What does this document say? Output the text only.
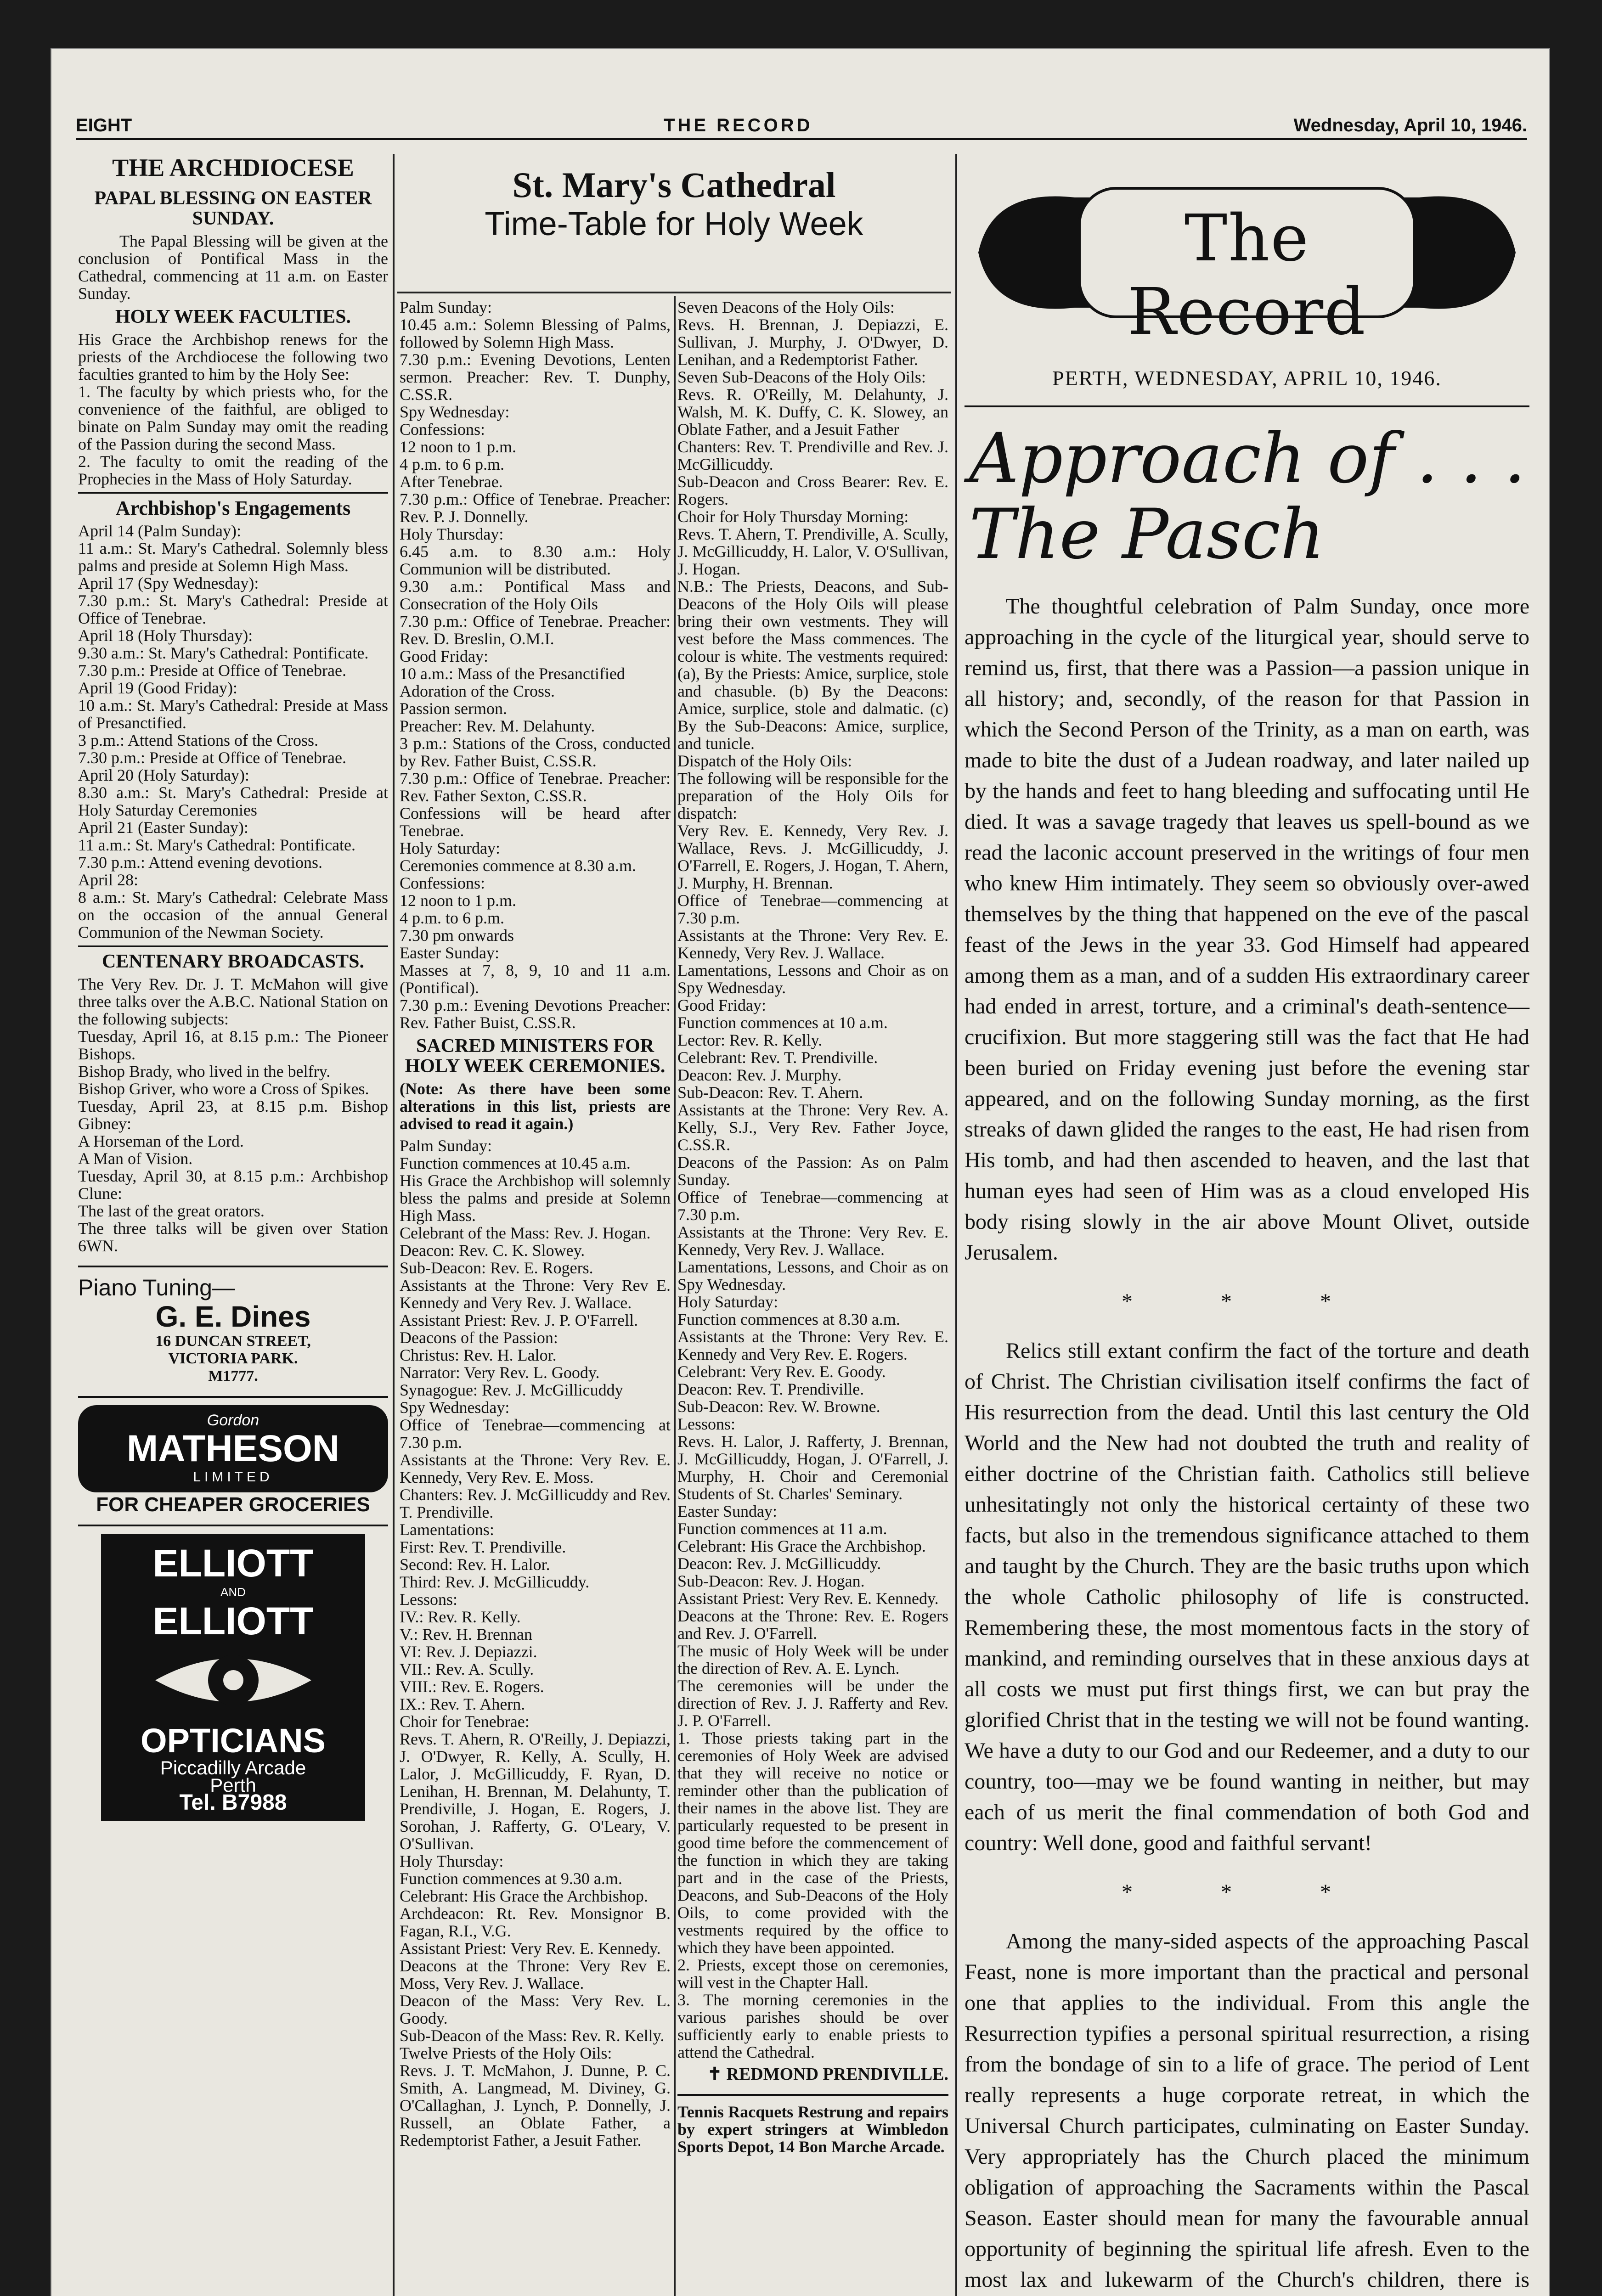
EIGHT	THE RECORD	Wednesday, April 10, 1946.
THE ARCHDIOCESE
PAPAL BLESSING ON EASTER SUNDAY.
The Papal Blessing will be given at the conclusion of Pontifical Mass in the Cathedral, commencing at 11 a.m. on Easter Sunday.
HOLY WEEK FACULTIES.
His Grace the Archbishop renews for the priests of the Archdiocese the following two faculties granted to him by the Holy See:
1. The faculty by which priests who, for the convenience of the faithful, are obliged to binate on Palm Sunday may omit the reading of the Passion during the second Mass.
2. The faculty to omit the reading of the Prophecies in the Mass of Holy Saturday.
Archbishop's Engagements
April 14 (Palm Sunday):
11 a.m.: St. Mary's Cathedral. Solemnly bless palms and preside at Solemn High Mass.
April 17 (Spy Wednesday):
7.30 p.m.: St. Mary's Cathedral: Preside at Office of Tenebrae.
April 18 (Holy Thursday):
9.30 a.m.: St. Mary's Cathedral: Pontificate.
7.30 p.m.: Preside at Office of Tenebrae.
April 19 (Good Friday):
10 a.m.: St. Mary's Cathedral: Preside at Mass of Presanctified.
3 p.m.: Attend Stations of the Cross.
7.30 p.m.: Preside at Office of Tenebrae.
April 20 (Holy Saturday):
8.30 a.m.: St. Mary's Cathedral: Preside at Holy Saturday Ceremonies
April 21 (Easter Sunday):
11 a.m.: St. Mary's Cathedral: Pontificate.
7.30 p.m.: Attend evening devotions.
April 28:
8 a.m.: St. Mary's Cathedral: Celebrate Mass on the occasion of the annual General Communion of the Newman Society.
CENTENARY BROADCASTS.
The Very Rev. Dr. J. T. McMahon will give three talks over the A.B.C. National Station on the following subjects:
Tuesday, April 16, at 8.15 p.m.: The Pioneer Bishops.
Bishop Brady, who lived in the belfry.
Bishop Griver, who wore a Cross of Spikes.
Tuesday, April 23, at 8.15 p.m. Bishop Gibney:
A Horseman of the Lord.
A Man of Vision.
Tuesday, April 30, at 8.15 p.m.: Archbishop Clune:
The last of the great orators.
The three talks will be given over Station 6WN.
Piano Tuning—
G. E. Dines
16 DUNCAN STREET,
VICTORIA PARK.
M1777.
Gordon
MATHESON
LIMITED
FOR CHEAPER GROCERIES
ELLIOTT
AND
ELLIOTT
OPTICIANS
Piccadilly Arcade
Perth
Tel. B7988
St. Mary's Cathedral
Time-Table for Holy Week
Palm Sunday:
10.45 a.m.: Solemn Blessing of Palms, followed by Solemn High Mass.
7.30 p.m.: Evening Devotions, Lenten sermon. Preacher: Rev. T. Dunphy, C.SS.R.
Spy Wednesday:
Confessions:
12 noon to 1 p.m.
4 p.m. to 6 p.m.
After Tenebrae.
7.30 p.m.: Office of Tenebrae. Preacher: Rev. P. J. Donnelly.
Holy Thursday:
6.45 a.m. to 8.30 a.m.: Holy Communion will be distributed.
9.30 a.m.: Pontifical Mass and Consecration of the Holy Oils
7.30 p.m.: Office of Tenebrae. Preacher: Rev. D. Breslin, O.M.I.
Good Friday:
10 a.m.: Mass of the Presanctified
Adoration of the Cross.
Passion sermon.
Preacher: Rev. M. Delahunty.
3 p.m.: Stations of the Cross, conducted by Rev. Father Buist, C.SS.R.
7.30 p.m.: Office of Tenebrae. Preacher: Rev. Father Sexton, C.SS.R.
Confessions will be heard after Tenebrae.
Holy Saturday:
Ceremonies commence at 8.30 a.m.
Confessions:
12 noon to 1 p.m.
4 p.m. to 6 p.m.
7.30 pm onwards
Easter Sunday:
Masses at 7, 8, 9, 10 and 11 a.m. (Pontifical).
7.30 p.m.: Evening Devotions Preacher: Rev. Father Buist, C.SS.R.
SACRED MINISTERS FOR HOLY WEEK CEREMONIES.
(Note: As there have been some alterations in this list, priests are advised to read it again.)
Palm Sunday:
Function commences at 10.45 a.m.
His Grace the Archbishop will solemnly bless the palms and preside at Solemn High Mass.
Celebrant of the Mass: Rev. J. Hogan.
Deacon: Rev. C. K. Slowey.
Sub-Deacon: Rev. E. Rogers.
Assistants at the Throne: Very Rev E. Kennedy and Very Rev. J. Wallace.
Assistant Priest: Rev. J. P. O'Farrell.
Deacons of the Passion:
Christus: Rev. H. Lalor.
Narrator: Very Rev. L. Goody.
Synagogue: Rev. J. McGillicuddy
Spy Wednesday:
Office of Tenebrae—commencing at 7.30 p.m.
Assistants at the Throne: Very Rev. E. Kennedy, Very Rev. E. Moss.
Chanters: Rev. J. McGillicuddy and Rev. T. Prendiville.
Lamentations:
First: Rev. T. Prendiville.
Second: Rev. H. Lalor.
Third: Rev. J. McGillicuddy.
Lessons:
IV.: Rev. R. Kelly.
V.: Rev. H. Brennan
VI: Rev. J. Depiazzi.
VII.: Rev. A. Scully.
VIII.: Rev. E. Rogers.
IX.: Rev. T. Ahern.
Choir for Tenebrae:
Revs. T. Ahern, R. O'Reilly, J. Depiazzi, J. O'Dwyer, R. Kelly, A. Scully, H. Lalor, J. McGillicuddy, F. Ryan, D. Lenihan, H. Brennan, M. Delahunty, T. Prendiville, J. Hogan, E. Rogers, J. Sorohan, J. Rafferty, G. O'Leary, V. O'Sullivan.
Holy Thursday:
Function commences at 9.30 a.m.
Celebrant: His Grace the Archbishop.
Archdeacon: Rt. Rev. Monsignor B. Fagan, R.I., V.G.
Assistant Priest: Very Rev. E. Kennedy.
Deacons at the Throne: Very Rev E. Moss, Very Rev. J. Wallace.
Deacon of the Mass: Very Rev. L. Goody.
Sub-Deacon of the Mass: Rev. R. Kelly.
Twelve Priests of the Holy Oils:
Revs. J. T. McMahon, J. Dunne, P. C. Smith, A. Langmead, M. Diviney, G. O'Callaghan, J. Lynch, P. Donnelly, J. Russell, an Oblate Father, a Redemptorist Father, a Jesuit Father.
Seven Deacons of the Holy Oils:
Revs. H. Brennan, J. Depiazzi, E. Sullivan, J. Murphy, J. O'Dwyer, D. Lenihan, and a Redemptorist Father.
Seven Sub-Deacons of the Holy Oils:
Revs. R. O'Reilly, M. Delahunty, J. Walsh, M. K. Duffy, C. K. Slowey, an Oblate Father, and a Jesuit Father
Chanters: Rev. T. Prendiville and Rev. J. McGillicuddy.
Sub-Deacon and Cross Bearer: Rev. E. Rogers.
Choir for Holy Thursday Morning:
Revs. T. Ahern, T. Prendiville, A. Scully, J. McGillicuddy, H. Lalor, V. O'Sullivan, J. Hogan.
N.B.: The Priests, Deacons, and Sub-Deacons of the Holy Oils will please bring their own vestments. They will vest before the Mass commences. The colour is white. The vestments required: (a), By the Priests: Amice, surplice, stole and chasuble. (b) By the Deacons: Amice, surplice, stole and dalmatic. (c) By the Sub-Deacons: Amice, surplice, and tunicle.
Dispatch of the Holy Oils:
The following will be responsible for the preparation of the Holy Oils for dispatch:
Very Rev. E. Kennedy, Very Rev. J. Wallace, Revs. J. McGillicuddy, J. O'Farrell, E. Rogers, J. Hogan, T. Ahern, J. Murphy, H. Brennan.
Office of Tenebrae—commencing at 7.30 p.m.
Assistants at the Throne: Very Rev. E. Kennedy, Very Rev. J. Wallace.
Lamentations, Lessons and Choir as on Spy Wednesday.
Good Friday:
Function commences at 10 a.m.
Lector: Rev. R. Kelly.
Celebrant: Rev. T. Prendiville.
Deacon: Rev. J. Murphy.
Sub-Deacon: Rev. T. Ahern.
Assistants at the Throne: Very Rev. A. Kelly, S.J., Very Rev. Father Joyce, C.SS.R.
Deacons of the Passion: As on Palm Sunday.
Office of Tenebrae—commencing at 7.30 p.m.
Assistants at the Throne: Very Rev. E. Kennedy, Very Rev. J. Wallace.
Lamentations, Lessons, and Choir as on Spy Wednesday.
Holy Saturday:
Function commences at 8.30 a.m.
Assistants at the Throne: Very Rev. E. Kennedy and Very Rev. E. Rogers.
Celebrant: Very Rev. E. Goody.
Deacon: Rev. T. Prendiville.
Sub-Deacon: Rev. W. Browne.
Lessons:
Revs. H. Lalor, J. Rafferty, J. Brennan, J. McGillicuddy, Hogan, J. O'Farrell, J. Murphy, H. Choir and Ceremonial Students of St. Charles' Seminary.
Easter Sunday:
Function commences at 11 a.m.
Celebrant: His Grace the Archbishop.
Deacon: Rev. J. McGillicuddy.
Sub-Deacon: Rev. J. Hogan.
Assistant Priest: Very Rev. E. Kennedy.
Deacons at the Throne: Rev. E. Rogers and Rev. J. O'Farrell.
The music of Holy Week will be under the direction of Rev. A. E. Lynch.
The ceremonies will be under the direction of Rev. J. J. Rafferty and Rev. J. P. O'Farrell.
1. Those priests taking part in the ceremonies of Holy Week are advised that they will receive no notice or reminder other than the publication of their names in the above list. They are particularly requested to be present in good time before the commencement of the function in which they are taking part and in the case of the Priests, Deacons, and Sub-Deacons of the Holy Oils, to come provided with the vestments required by the office to which they have been appointed.
2. Priests, except those on ceremonies, will vest in the Chapter Hall.
3. The morning ceremonies in the various parishes should be over sufficiently early to enable priests to attend the Cathedral.
✝ REDMOND PRENDIVILLE.
Tennis Racquets Restrung and repairs by expert stringers at Wimbledon Sports Depot, 14 Bon Marche Arcade.
The Record
PERTH, WEDNESDAY, APRIL 10, 1946.
Approach of . . .
The Pasch

The thoughtful celebration of Palm Sunday, once more approaching in the cycle of the liturgical year, should serve to remind us, first, that there was a Passion—a passion unique in all history; and, secondly, of the reason for that Passion in which the Second Person of the Trinity, as a man on earth, was made to bite the dust of a Judean roadway, and later nailed up by the hands and feet to hang bleeding and suffocating until He died. It was a savage tragedy that leaves us spell-bound as we read the laconic account preserved in the writings of four men who knew Him intimately. They seem so obviously over-awed themselves by the thing that happened on the eve of the pascal feast of the Jews in the year 33. God Himself had appeared among them as a man, and of a sudden His extraordinary career had ended in arrest, torture, and a criminal's death-sentence—crucifixion. But more staggering still was the fact that He had been buried on Friday evening just before the evening star appeared, and on the following Sunday morning, as the first streaks of dawn glided the ranges to the east, He had risen from His tomb, and had then ascended to heaven, and the last that human eyes had seen of Him was as a cloud enveloped His body rising slowly in the air above Mount Olivet, outside Jerusalem.

* * *

Relics still extant confirm the fact of the torture and death of Christ. The Christian civilisation itself confirms the fact of His resurrection from the dead. Until this last century the Old World and the New had not doubted the truth and reality of either doctrine of the Christian faith. Catholics still believe unhesitatingly not only the historical certainty of these two facts, but also in the tremendous significance attached to them and taught by the Church. They are the basic truths upon which the whole Catholic philosophy of life is constructed. Remembering these, the most momentous facts in the story of mankind, and reminding ourselves that in these anxious days at all costs we must put first things first, we can but pray the glorified Christ that in the testing we will not be found wanting. We have a duty to our God and our Redeemer, and a duty to our country, too—may we be found wanting in neither, but may each of us merit the final commendation of both God and country: Well done, good and faithful servant!

* * *

Among the many-sided aspects of the approaching Pascal Feast, none is more important than the practical and personal one that applies to the individual. From this angle the Resurrection typifies a personal spiritual resurrection, a rising from the bondage of sin to a life of grace. The period of Lent really represents a huge corporate retreat, in which the Universal Church participates, culminating on Easter Sunday. Very appropriately has the Church placed the minimum obligation of approaching the Sacraments within the Pascal Season. Easter should mean for many the favourable annual opportunity of beginning the spiritual life afresh. Even to the most lax and lukewarm of the Church's children, there is
